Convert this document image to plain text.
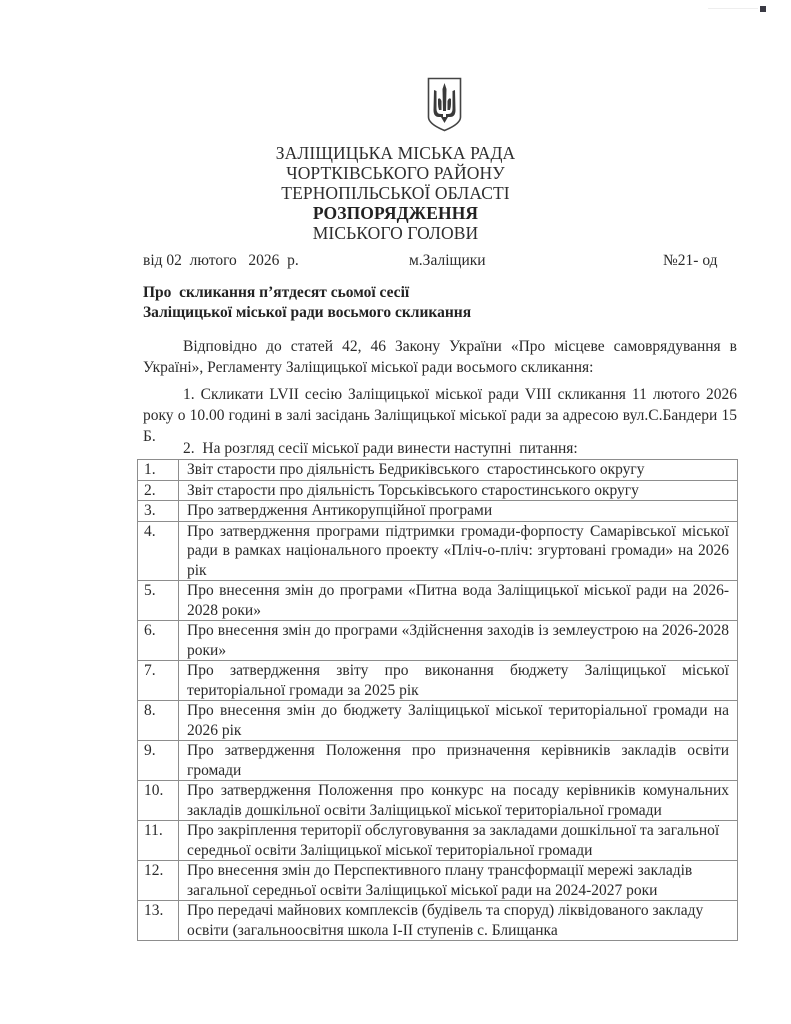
ЗАЛІЩИЦЬКА МІСЬКА РАДА
ЧОРТКІВСЬКОГО РАЙОНУ
ТЕРНОПІЛЬСЬКОЇ ОБЛАСТІ
РОЗПОРЯДЖЕННЯ
МІСЬКОГО ГОЛОВИ
від 02  лютого   2026  р.	м.Заліщики	№21- од
Про  скликання п’ятдесят сьомої сесії
Заліщицької міської ради восьмого скликання
Відповідно до статей 42, 46 Закону України «Про місцеве самоврядування в Україні», Регламенту Заліщицької міської ради восьмого скликання:
1. Скликати LVII сесію Заліщицької міської ради VIII скликання 11 лютого 2026 року о 10.00 годині в залі засідань Заліщицької міської ради за адресою вул.С.Бандери 15 Б.
2.  На розгляд сесії міської ради винести наступні  питання:
1.	Звіт старости про діяльність Бедриківського  старостинського округу
2.	Звіт старости про діяльність Торськівського старостинського округу
3.	Про затвердження Антикорупційної програми
4.	Про затвердження програми підтримки громади-форпосту Самарівської міської ради в рамках національного проекту «Пліч-о-пліч: згуртовані громади» на 2026 рік
5.	Про внесення змін до програми «Питна вода Заліщицької міської ради на 2026-2028 роки»
6.	Про внесення змін до програми «Здійснення заходів із землеустрою на 2026-2028 роки»
7.	Про затвердження звіту про виконання бюджету Заліщицької міської територіальної громади за 2025 рік
8.	Про внесення змін до бюджету Заліщицької міської територіальної громади на 2026 рік
9.	Про затвердження Положення про призначення керівників закладів освіти громади
10.	Про затвердження Положення про конкурс на посаду керівників комунальних закладів дошкільної освіти Заліщицької міської територіальної громади
11.	Про закріплення території обслуговування за закладами дошкільної та загальної середньої освіти Заліщицької міської територіальної громади
12.	Про внесення змін до Перспективного плану трансформації мережі закладів загальної середньої освіти Заліщицької міської ради на 2024-2027 роки
13.	Про передачі майнових комплексів (будівель та споруд) ліквідованого закладу освіти (загальноосвітня школа I-II ступенів с. Блищанка
